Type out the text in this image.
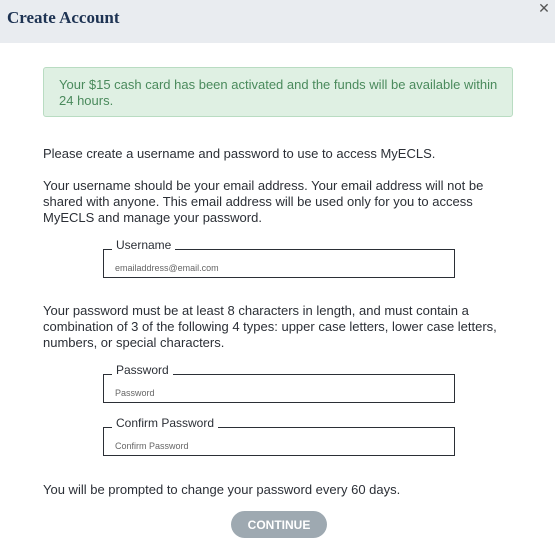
Create Account	✕
Your $15 cash card has been activated and the funds will be available within 24 hours.
Please create a username and password to use to access MyECLS.
Your username should be your email address. Your email address will not be shared with anyone. This email address will be used only for you to access MyECLS and manage your password.
Username
emailaddress@email.com
Your password must be at least 8 characters in length, and must contain a combination of 3 of the following 4 types: upper case letters, lower case letters, numbers, or special characters.
Password
Confirm Password
You will be prompted to change your password every 60 days.
CONTINUE
